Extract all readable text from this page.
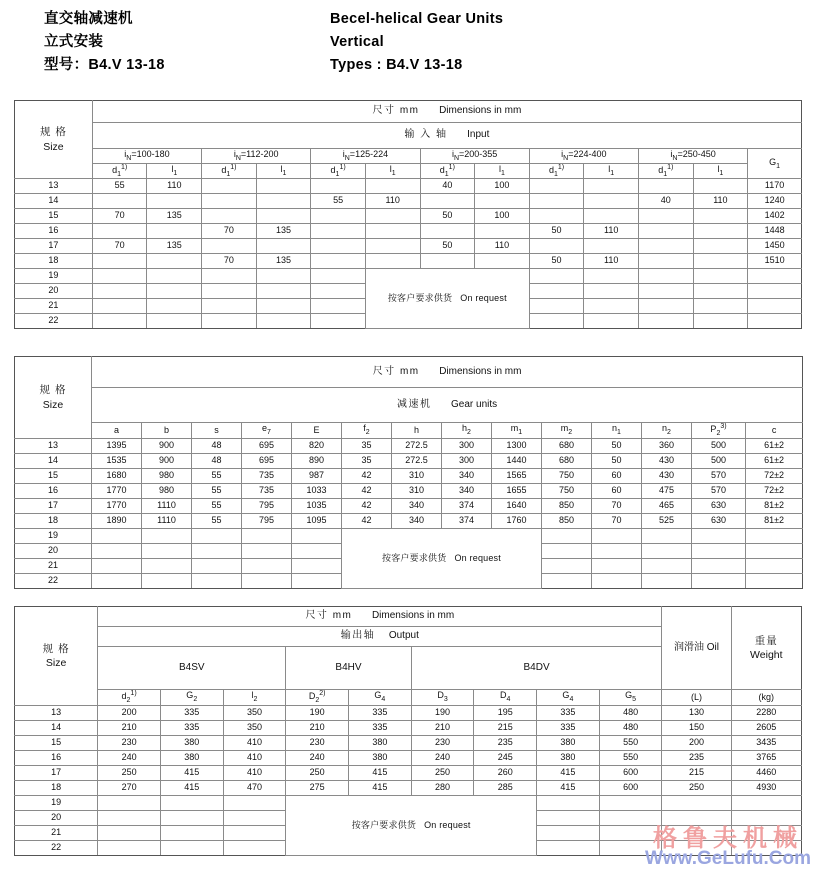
直交轴减速机
立式安装
型号：B4.V 13-18
Becel-helical Gear Units
Vertical
Types : B4.V 13-18
规 格
Size	尺寸 mm Dimensions in mm												
	输 入 轴 Input												
	$i_N=100-180$		$i_N=112-200$		$i_N=125-224$		$i_N=200-355$		$i_N=224-400$		$i_N=250-450$		$G_1$
	$d_1^{1)}$	$l_1$	$d_1^{1)}$	$l_1$	$d_1^{1)}$	$l_1$	$d_1^{1)}$	$l_1$	$d_1^{1)}$	$l_1$	$d_1^{1)}$	$l_1$
13	55	110					40	100					1170
14					55	110					40	110	1240
15	70	135					50	100					1402
16			70	135					50	110			1448
17	70	135					50	110					1450
18			70	135					50	110			1510
19						按客户要求供货 On request							
20													
21													
22													
规 格
Size	尺寸 mm Dimensions in mm													
	减速机 Gear units													
	a	b	s	$e_7$	E	$f_2$	h	$h_2$	$m_1$	$m_2$	$n_1$	$n_2$	$P_2^{3)}$	c
13	1395	900	48	695	820	35	272.5	300	1300	680	50	360	500	61±2
14	1535	900	48	695	890	35	272.5	300	1440	680	50	430	500	61±2
15	1680	980	55	735	987	42	310	340	1565	750	60	430	570	72±2
16	1770	980	55	735	1033	42	310	340	1655	750	60	475	570	72±2
17	1770	1110	55	795	1035	42	340	374	1640	850	70	465	630	81±2
18	1890	1110	55	795	1095	42	340	374	1760	850	70	525	630	81±2
19						按客户要求供货 On request								
20														
21														
22														
规 格
Size	尺寸 mm Dimensions in mm									润滑油 Oil	重量
Weight

	输出轴 Output										
	B4SV			B4HV		B4DV					
	$d_2^{1)}$	$G_2$	$l_2$	$D_2^{2)}$	$G_4$	$D_3$	$D_4$	$G_4$	$G_5$	(L)	(kg)
13	200	335	350	190	335	190	195	335	480	130	2280
14	210	335	350	210	335	210	215	335	480	150	2605
15	230	380	410	230	380	230	235	380	550	200	3435
16	240	380	410	240	380	240	245	380	550	235	3765
17	250	415	410	250	415	250	260	415	600	215	4460
18	270	415	470	275	415	280	285	415	600	250	4930
19				按客户要求供货 On request							
20											
21											
22												格鲁夫机械
Www.GeLufu.Com
